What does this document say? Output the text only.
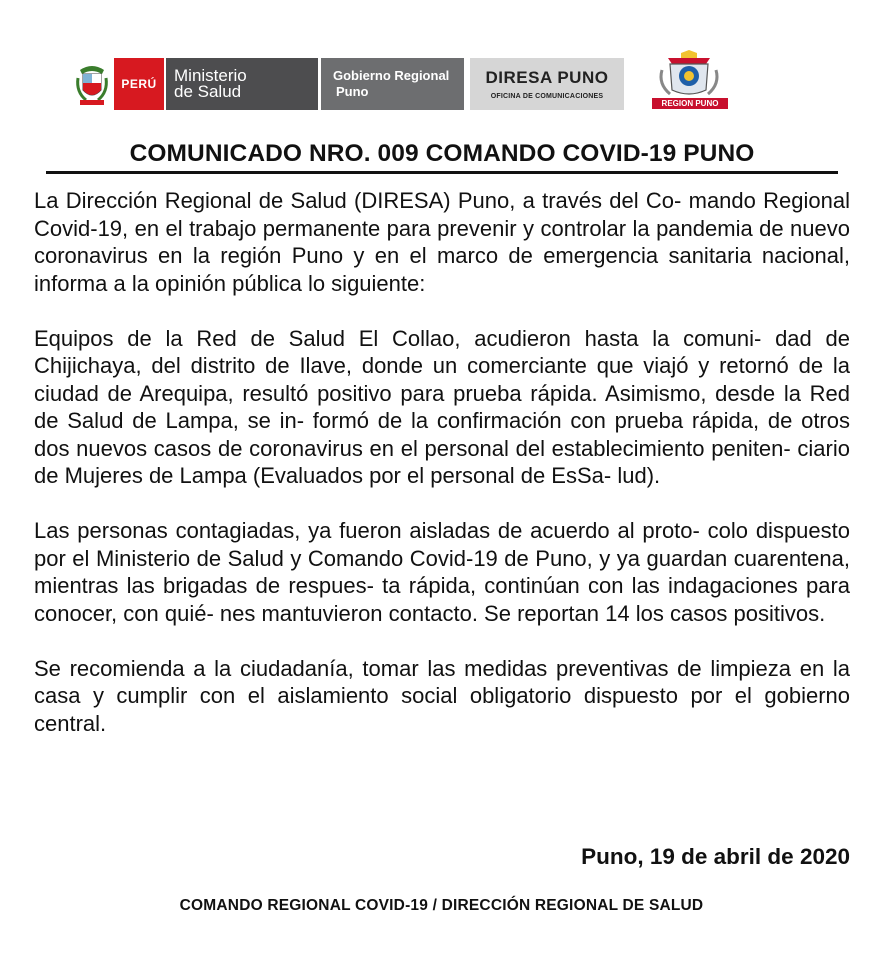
PERÚ	Ministerio
de Salud
Gobierno Regional
Puno
DIRESA PUNO
OFICINA DE COMUNICACIONES
REGION PUNO
COMUNICADO NRO. 009 COMANDO COVID-19 PUNO

La Dirección Regional de Salud (DIRESA) Puno, a través del Co- mando Regional Covid-19, en el trabajo permanente para prevenir y controlar la pandemia de nuevo coronavirus en la región Puno y en el marco de emergencia sanitaria nacional, informa a la opinión pública lo siguiente:

Equipos de la Red de Salud El Collao, acudieron hasta la comuni- dad de Chijichaya, del distrito de Ilave, donde un comerciante que viajó y retornó de la ciudad de Arequipa, resultó positivo para prueba rápida. Asimismo, desde la Red de Salud de Lampa, se in- formó de la confirmación con prueba rápida, de otros dos nuevos casos de coronavirus en el personal del establecimiento peniten- ciario de Mujeres de Lampa (Evaluados por el personal de EsSa- lud).

Las personas contagiadas, ya fueron aisladas de acuerdo al proto- colo dispuesto por el Ministerio de Salud y Comando Covid-19 de Puno, y ya guardan cuarentena, mientras las brigadas de respues- ta rápida, continúan con las indagaciones para conocer, con quié- nes mantuvieron contacto. Se reportan 14 los casos positivos.

Se recomienda a la ciudadanía, tomar las medidas preventivas de limpieza en la casa y cumplir con el aislamiento social obligatorio dispuesto por el gobierno central.

Puno, 19 de abril de 2020
COMANDO REGIONAL COVID-19 / DIRECCIÓN REGIONAL DE SALUD
